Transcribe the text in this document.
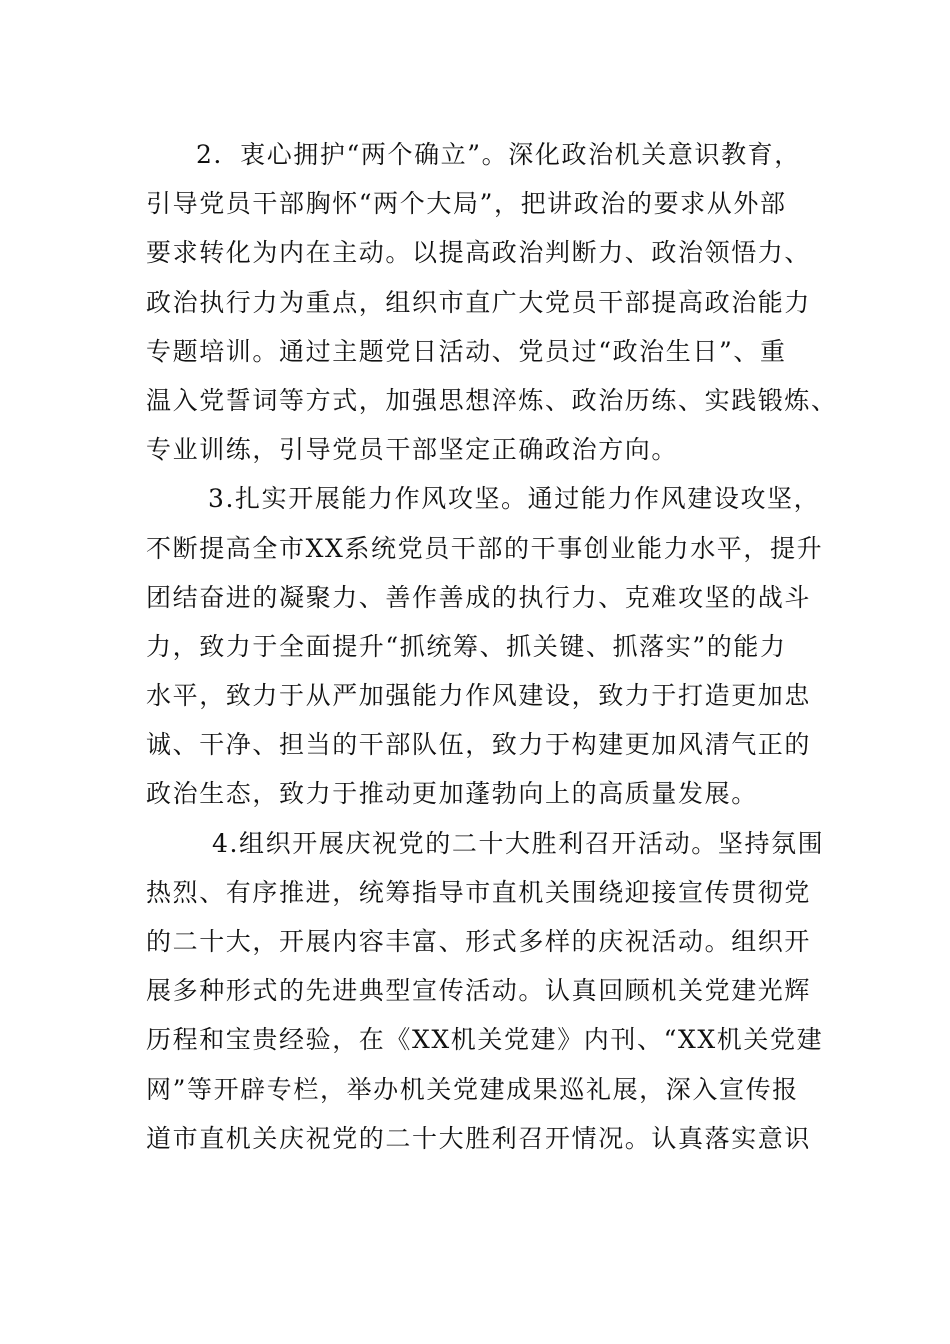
2．衷心拥护“两个确立”。深化政治机关意识教育，
引导党员干部胸怀“两个大局”，把讲政治的要求从外部
要求转化为内在主动。以提高政治判断力、政治领悟力、
政治执行力为重点，组织市直广大党员干部提高政治能力
专题培训。通过主题党日活动、党员过“政治生日”、重
温入党誓词等方式，加强思想淬炼、政治历练、实践锻炼、
专业训练，引导党员干部坚定正确政治方向。
3.扎实开展能力作风攻坚。通过能力作风建设攻坚，
不断提高全市XX系统党员干部的干事创业能力水平，提升
团结奋进的凝聚力、善作善成的执行力、克难攻坚的战斗
力，致力于全面提升“抓统筹、抓关键、抓落实”的能力
水平，致力于从严加强能力作风建设，致力于打造更加忠
诚、干净、担当的干部队伍，致力于构建更加风清气正的
政治生态，致力于推动更加蓬勃向上的高质量发展。
4.组织开展庆祝党的二十大胜利召开活动。坚持氛围
热烈、有序推进，统筹指导市直机关围绕迎接宣传贯彻党
的二十大，开展内容丰富、形式多样的庆祝活动。组织开
展多种形式的先进典型宣传活动。认真回顾机关党建光辉
历程和宝贵经验，在《XX机关党建》内刊、“XX机关党建
网”等开辟专栏，举办机关党建成果巡礼展，深入宣传报
道市直机关庆祝党的二十大胜利召开情况。认真落实意识
